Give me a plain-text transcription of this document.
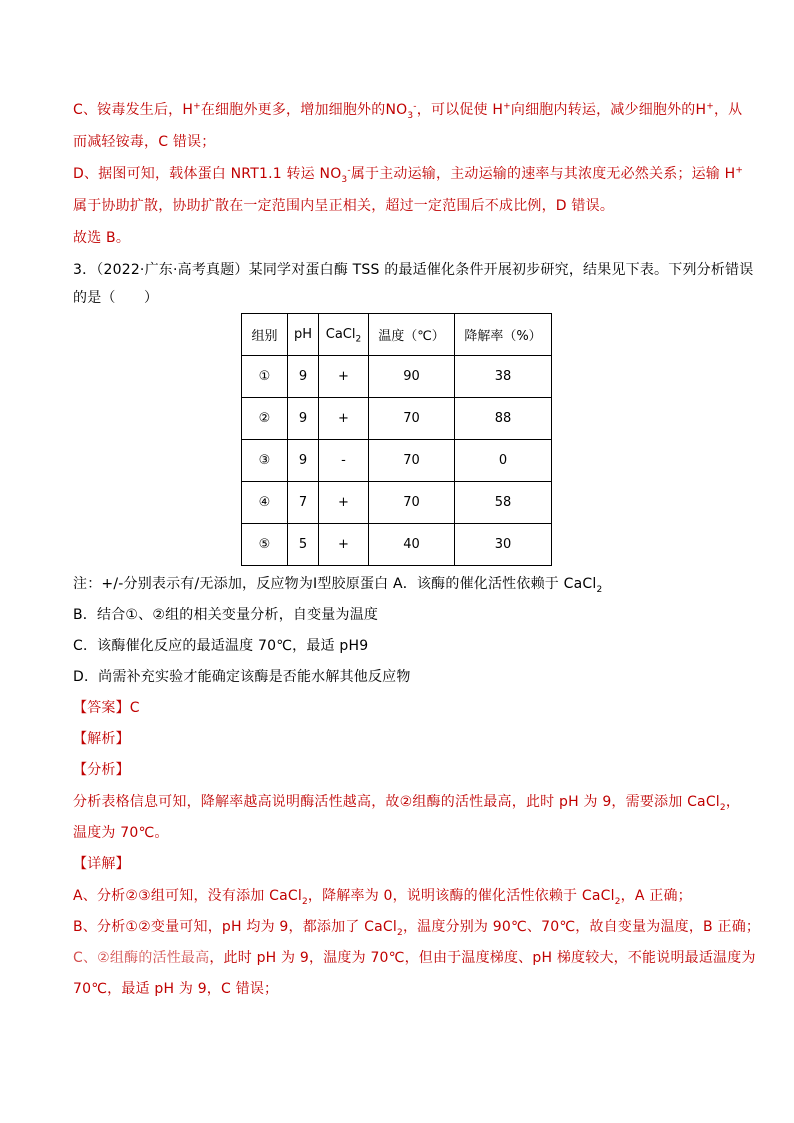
C、铵毒发生后，H+在细胞外更多，增加细胞外的$NO_3^-$，可以促使 H+向细胞内转运，减少细胞外的H+，从
而减轻铵毒，C 错误；
D、据图可知，载体蛋白 NRT1.1 转运 $NO_3^-$属于主动运输，主动运输的速率与其浓度无必然关系；运输 H+
属于协助扩散，协助扩散在一定范围内呈正相关，超过一定范围后不成比例，D 错误。
故选 B。
3．（2022·广东·高考真题）某同学对蛋白酶 TSS 的最适催化条件开展初步研究，结果见下表。下列分析错误
的是（　　）
组别	pH	CaCl$_2$	温度（℃）	降解率（%）
①	9	+	90	38
②	9	+	70	88
③	9	-	70	0
④	7	+	70	58
⑤	5	+	40	30
注：+/-分别表示有/无添加，反应物为Ⅰ型胶原蛋白 A．该酶的催化活性依赖于 CaCl$_2$
B．结合①、②组的相关变量分析，自变量为温度
C．该酶催化反应的最适温度 70℃，最适 pH9
D．尚需补充实验才能确定该酶是否能水解其他反应物
【答案】C
【解析】
【分析】
分析表格信息可知，降解率越高说明酶活性越高，故②组酶的活性最高，此时 pH 为 9，需要添加 CaCl$_2$，
温度为 70℃。
【详解】
A、分析②③组可知，没有添加 CaCl$_2$，降解率为 0，说明该酶的催化活性依赖于 CaCl$_2$，A 正确；
B、分析①②变量可知，pH 均为 9，都添加了 CaCl$_2$，温度分别为 90℃、70℃，故自变量为温度，B 正确；
C、②组酶的活性最高，此时 pH 为 9，温度为 70℃，但由于温度梯度、pH 梯度较大，不能说明最适温度为
70℃，最适 pH 为 9，C 错误；
